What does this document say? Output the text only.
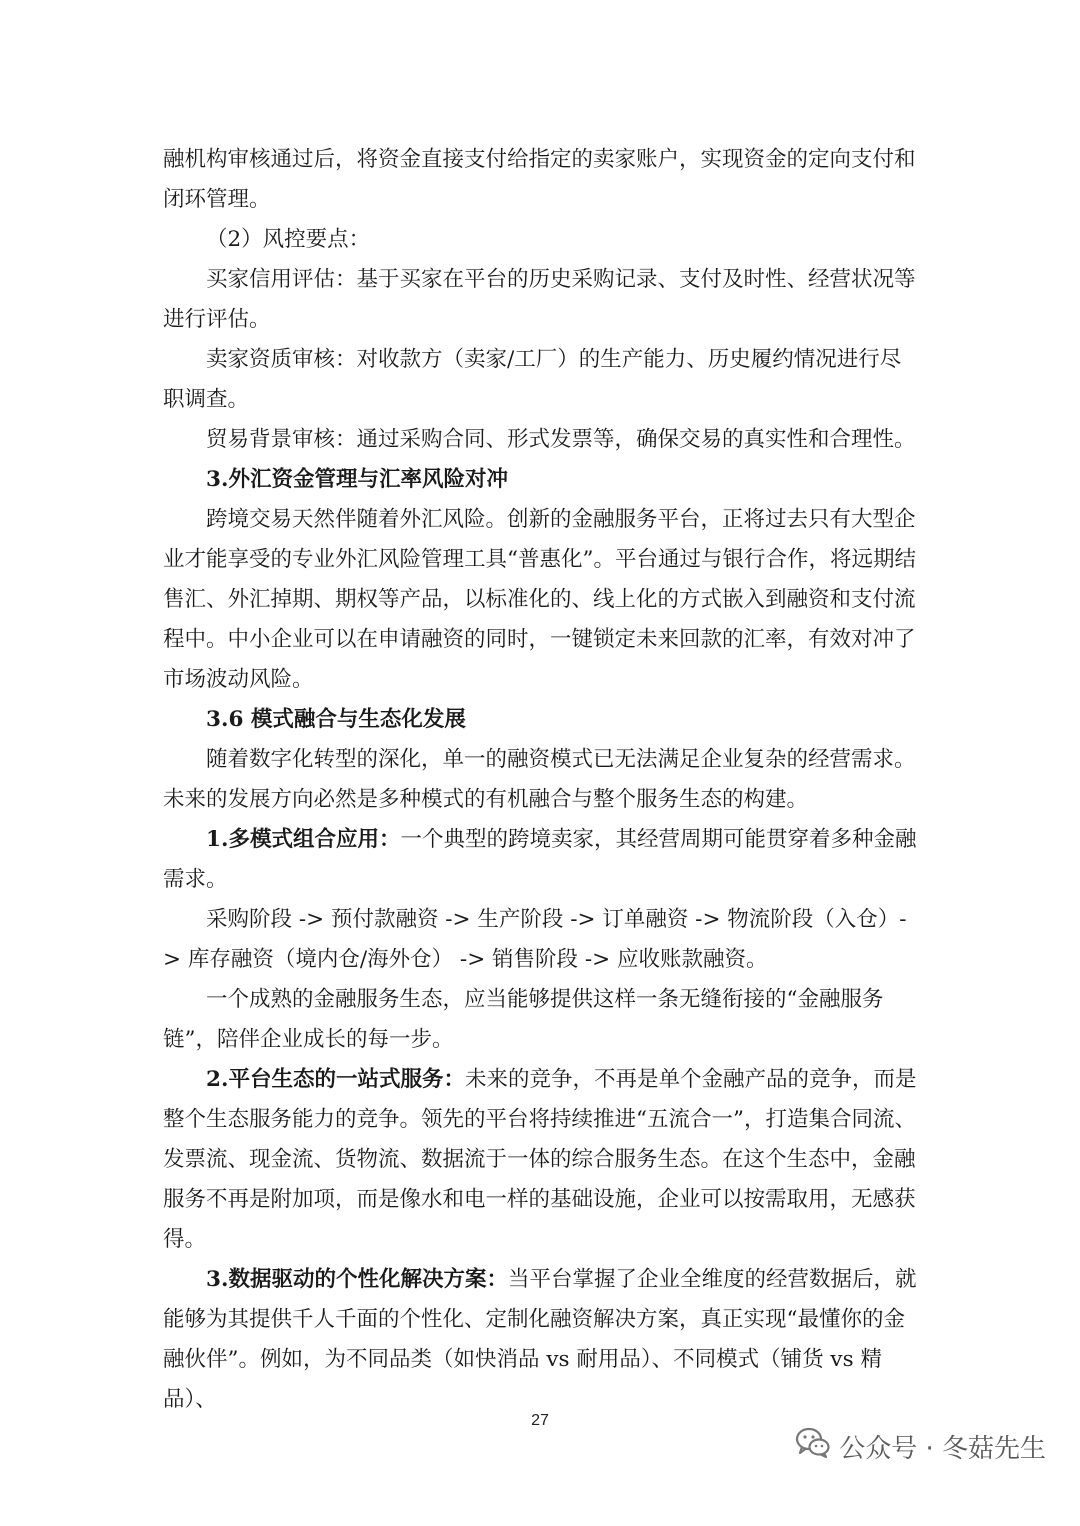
融机构审核通过后，将资金直接支付给指定的卖家账户，实现资金的定向支付和闭环管理。

（2）风控要点：

买家信用评估：基于买家在平台的历史采购记录、支付及时性、经营状况等进行评估。

卖家资质审核：对收款方（卖家/工厂）的生产能力、历史履约情况进行尽职调查。

贸易背景审核：通过采购合同、形式发票等，确保交易的真实性和合理性。

3.外汇资金管理与汇率风险对冲

跨境交易天然伴随着外汇风险。创新的金融服务平台，正将过去只有大型企业才能享受的专业外汇风险管理工具“普惠化”。平台通过与银行合作，将远期结售汇、外汇掉期、期权等产品，以标准化的、线上化的方式嵌入到融资和支付流程中。中小企业可以在申请融资的同时，一键锁定未来回款的汇率，有效对冲了市场波动风险。

3.6 模式融合与生态化发展

随着数字化转型的深化，单一的融资模式已无法满足企业复杂的经营需求。未来的发展方向必然是多种模式的有机融合与整个服务生态的构建。

1.多模式组合应用：一个典型的跨境卖家，其经营周期可能贯穿着多种金融需求。

采购阶段 -> 预付款融资 -> 生产阶段 -> 订单融资 -> 物流阶段（入仓）-> 库存融资（境内仓/海外仓） -> 销售阶段 -> 应收账款融资。

一个成熟的金融服务生态，应当能够提供这样一条无缝衔接的“金融服务链”，陪伴企业成长的每一步。

2.平台生态的一站式服务：未来的竞争，不再是单个金融产品的竞争，而是整个生态服务能力的竞争。领先的平台将持续推进“五流合一”，打造集合同流、发票流、现金流、货物流、数据流于一体的综合服务生态。在这个生态中，金融服务不再是附加项，而是像水和电一样的基础设施，企业可以按需取用，无感获得。

3.数据驱动的个性化解决方案：当平台掌握了企业全维度的经营数据后，就能够为其提供千人千面的个性化、定制化融资解决方案，真正实现“最懂你的金融伙伴”。例如，为不同品类（如快消品 vs 耐用品）、不同模式（铺货 vs 精品）、

27
公众号 · 冬菇先生
